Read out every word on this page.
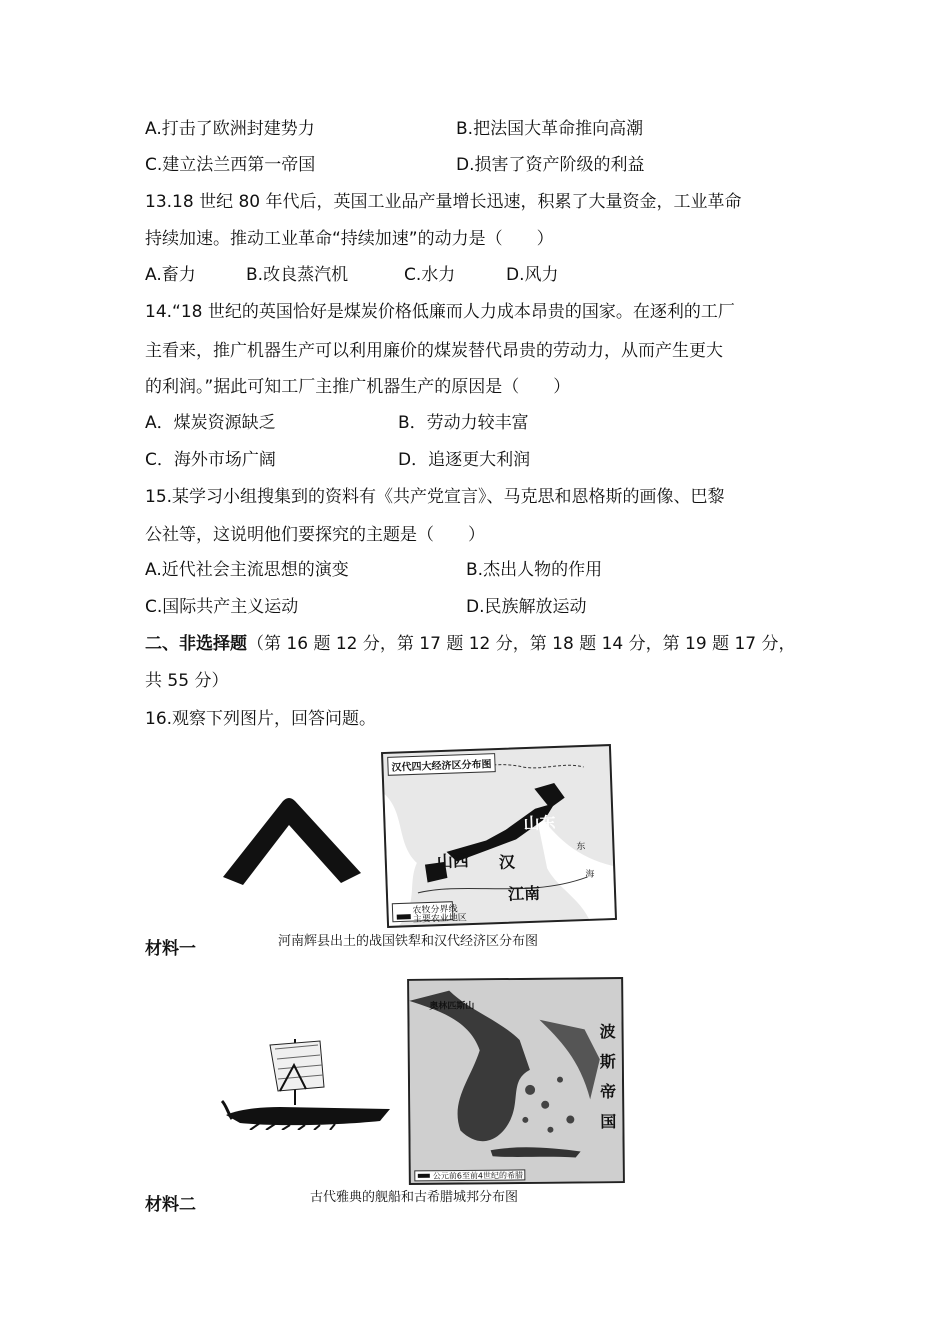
A.打击了欧洲封建势力	B.把法国大革命推向高潮
C.建立法兰西第一帝国	D.损害了资产阶级的利益
13.18 世纪 80 年代后，英国工业品产量增长迅速，积累了大量资金，工业革命
持续加速。推动工业革命“持续加速”的动力是（　　）
A.畜力	B.改良蒸汽机	C.水力	D.风力
14.“18 世纪的英国恰好是煤炭价格低廉而人力成本昂贵的国家。在逐利的工厂
主看来，推广机器生产可以利用廉价的煤炭替代昂贵的劳动力，从而产生更大
的利润。”据此可知工厂主推广机器生产的原因是（　　）
A．煤炭资源缺乏	B．劳动力较丰富
C．海外市场广阔	D．追逐更大利润
15.某学习小组搜集到的资料有《共产党宣言》、马克思和恩格斯的画像、巴黎
公社等，这说明他们要探究的主题是（　　）
A.近代社会主流思想的演变	B.杰出人物的作用
C.国际共产主义运动	D.民族解放运动
二、非选择题（第 16 题 12 分，第 17 题 12 分，第 18 题 14 分，第 19 题 17 分，
共 55 分）
16.观察下列图片，回答问题。
汉代四大经济区分布图
山西
山东
汉
江南
东
海
农牧分界线
主要农业地区
材料一	河南辉县出土的战国铁犁和汉代经济区分布图
奥林匹斯山
波
斯
帝
国
公元前6至前4世纪的希腊
材料二	古代雅典的舰船和古希腊城邦分布图
